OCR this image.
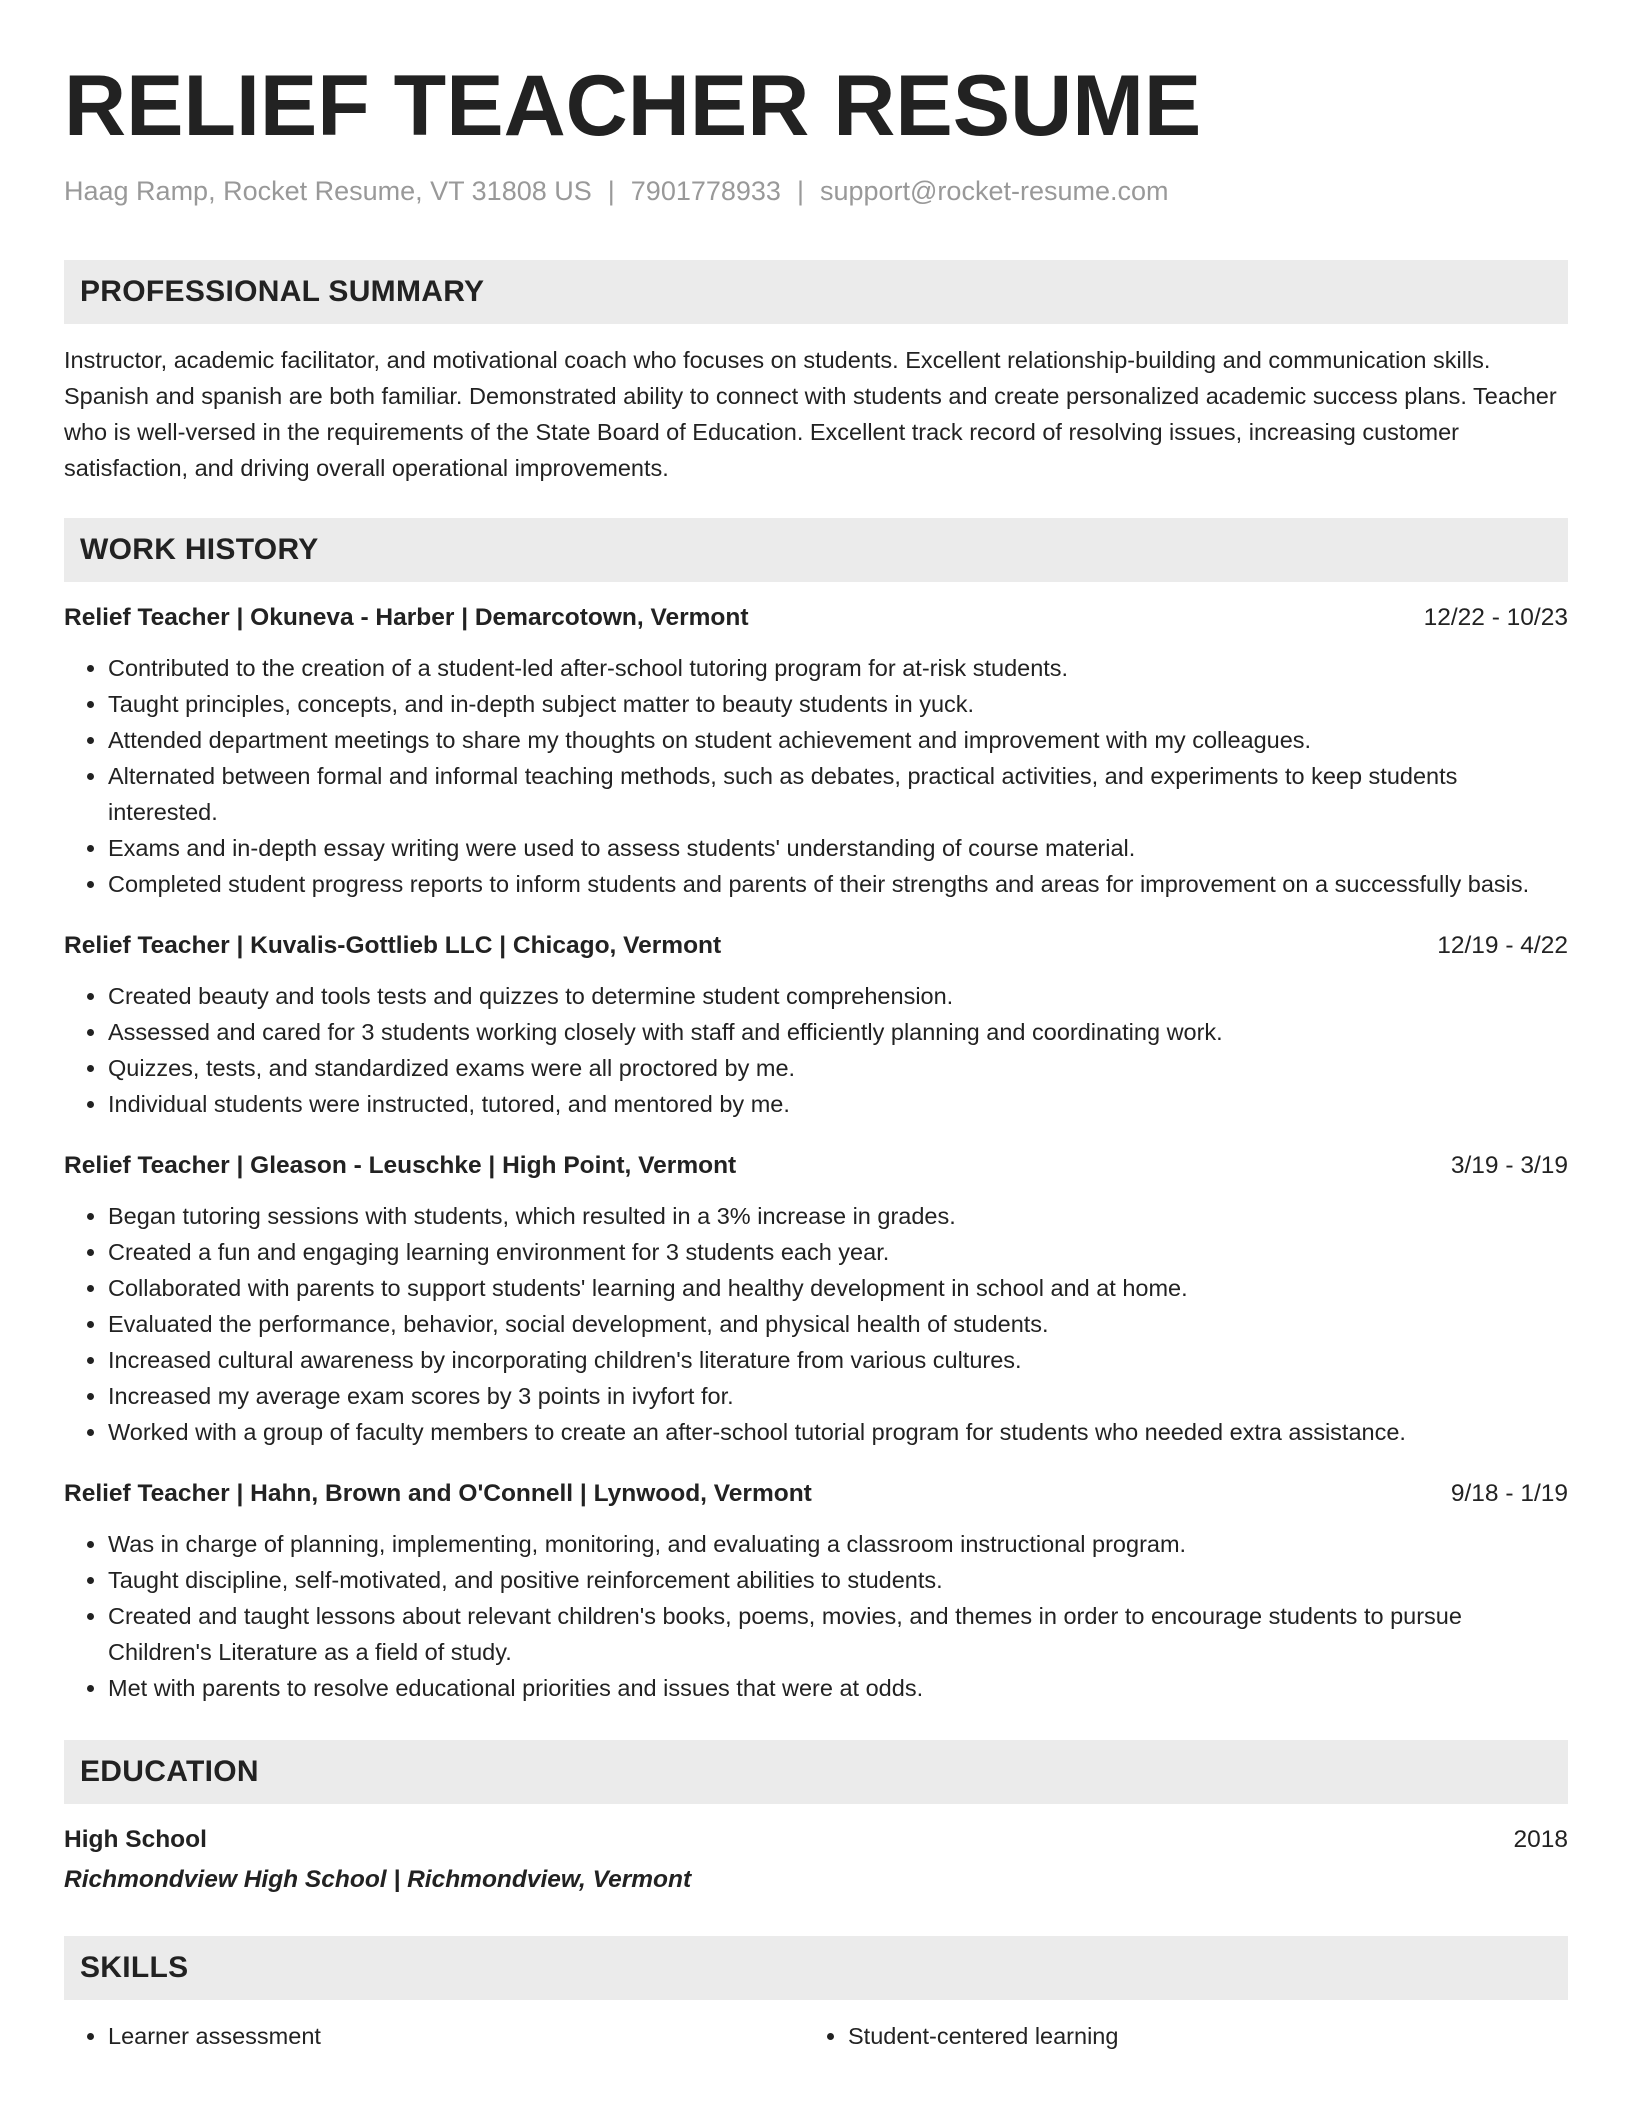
RELIEF TEACHER RESUME
Haag Ramp, Rocket Resume, VT 31808 US | 7901778933 | support@rocket-resume.com
PROFESSIONAL SUMMARY

Instructor, academic facilitator, and motivational coach who focuses on students. Excellent relationship-building and communication skills. Spanish and spanish are both familiar. Demonstrated ability to connect with students and create personalized academic success plans. Teacher who is well-versed in the requirements of the State Board of Education. Excellent track record of resolving issues, increasing customer satisfaction, and driving overall operational improvements.

WORK HISTORY
Relief Teacher | Okuneva - Harber | Demarcotown, Vermont	12/22 - 10/23
• Contributed to the creation of a student-led after-school tutoring program for at-risk students.
• Taught principles, concepts, and in-depth subject matter to beauty students in yuck.
• Attended department meetings to share my thoughts on student achievement and improvement with my colleagues.
• Alternated between formal and informal teaching methods, such as debates, practical activities, and experiments to keep students interested.
• Exams and in-depth essay writing were used to assess students' understanding of course material.
• Completed student progress reports to inform students and parents of their strengths and areas for improvement on a successfully basis.
Relief Teacher | Kuvalis-Gottlieb LLC | Chicago, Vermont	12/19 - 4/22
• Created beauty and tools tests and quizzes to determine student comprehension.
• Assessed and cared for 3 students working closely with staff and efficiently planning and coordinating work.
• Quizzes, tests, and standardized exams were all proctored by me.
• Individual students were instructed, tutored, and mentored by me.
Relief Teacher | Gleason - Leuschke | High Point, Vermont	3/19 - 3/19
• Began tutoring sessions with students, which resulted in a 3% increase in grades.
• Created a fun and engaging learning environment for 3 students each year.
• Collaborated with parents to support students' learning and healthy development in school and at home.
• Evaluated the performance, behavior, social development, and physical health of students.
• Increased cultural awareness by incorporating children's literature from various cultures.
• Increased my average exam scores by 3 points in ivyfort for.
• Worked with a group of faculty members to create an after-school tutorial program for students who needed extra assistance.
Relief Teacher | Hahn, Brown and O'Connell | Lynwood, Vermont	9/18 - 1/19
• Was in charge of planning, implementing, monitoring, and evaluating a classroom instructional program.
• Taught discipline, self-motivated, and positive reinforcement abilities to students.
• Created and taught lessons about relevant children's books, poems, movies, and themes in order to encourage students to pursue Children's Literature as a field of study.
• Met with parents to resolve educational priorities and issues that were at odds.
EDUCATION
High School	2018
Richmondview High School | Richmondview, Vermont
SKILLS
• Learner assessment
•	Student-centered learning
